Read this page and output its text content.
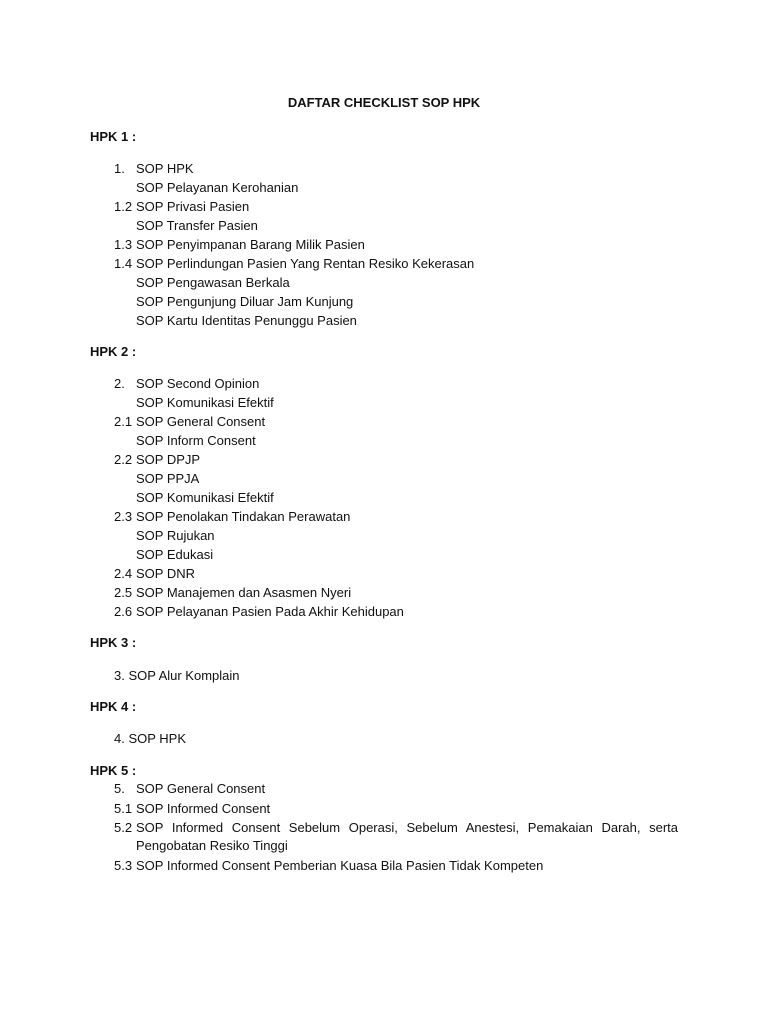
DAFTAR CHECKLIST SOP HPK
HPK 1 :
1. SOP HPK
SOP Pelayanan Kerohanian
1.2 SOP Privasi Pasien
SOP Transfer Pasien
1.3 SOP Penyimpanan Barang Milik Pasien
1.4 SOP Perlindungan Pasien Yang Rentan Resiko Kekerasan
SOP Pengawasan Berkala
SOP Pengunjung Diluar Jam Kunjung
SOP Kartu Identitas Penunggu Pasien
HPK 2 :
2. SOP Second Opinion
SOP Komunikasi Efektif
2.1 SOP General Consent
SOP Inform Consent
2.2 SOP DPJP
SOP PPJA
SOP Komunikasi Efektif
2.3 SOP Penolakan Tindakan Perawatan
SOP Rujukan
SOP Edukasi
2.4 SOP DNR
2.5 SOP Manajemen dan Asasmen Nyeri
2.6 SOP Pelayanan Pasien Pada Akhir Kehidupan
HPK 3 :
3. SOP Alur Komplain
HPK 4 :
4. SOP HPK
HPK 5 :
5. SOP General Consent
5.1 SOP Informed Consent
5.2 SOP Informed Consent Sebelum Operasi, Sebelum Anestesi, Pemakaian Darah, serta Pengobatan Resiko Tinggi
5.3 SOP Informed Consent Pemberian Kuasa Bila Pasien Tidak Kompeten
